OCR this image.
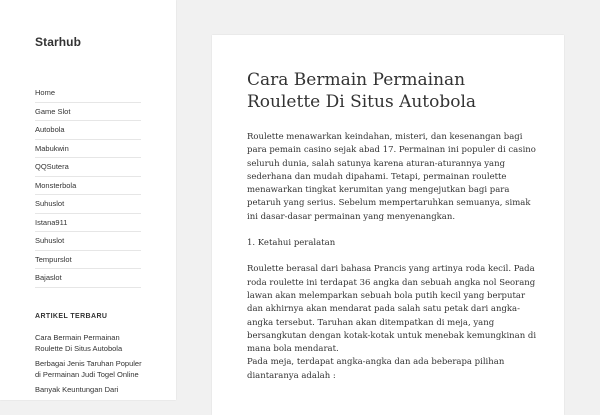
Starhub
Home
Game Slot
Autobola
Mabukwin
QQSutera
Monsterbola
Suhuslot
Istana911
Suhuslot
Tempurslot
Bajaslot
ARTIKEL TERBARU
Cara Bermain Permainan Roulette Di Situs Autobola
Berbagai Jenis Taruhan Populer di Permainan Judi Togel Online
Banyak Keuntungan Dari
Cara Bermain Permainan Roulette Di Situs Autobola

Roulette menawarkan keindahan, misteri, dan kesenangan bagi para pemain casino sejak abad 17. Permainan ini populer di casino seluruh dunia, salah satunya karena aturan-aturannya yang sederhana dan mudah dipahami. Tetapi, permainan roulette menawarkan tingkat kerumitan yang mengejutkan bagi para petaruh yang serius. Sebelum mempertaruhkan semuanya, simak ini dasar-dasar permainan yang menyenangkan.

1. Ketahui peralatan

Roulette berasal dari bahasa Prancis yang artinya roda kecil. Pada roda roulette ini terdapat 36 angka dan sebuah angka nol Seorang lawan akan melemparkan sebuah bola putih kecil yang berputar dan akhirnya akan mendarat pada salah satu petak dari angka-angka tersebut. Taruhan akan ditempatkan di meja, yang bersangkutan dengan kotak-kotak untuk menebak kemungkinan di mana bola mendarat.

Pada meja, terdapat angka-angka dan ada beberapa pilihan diantaranya adalah :
